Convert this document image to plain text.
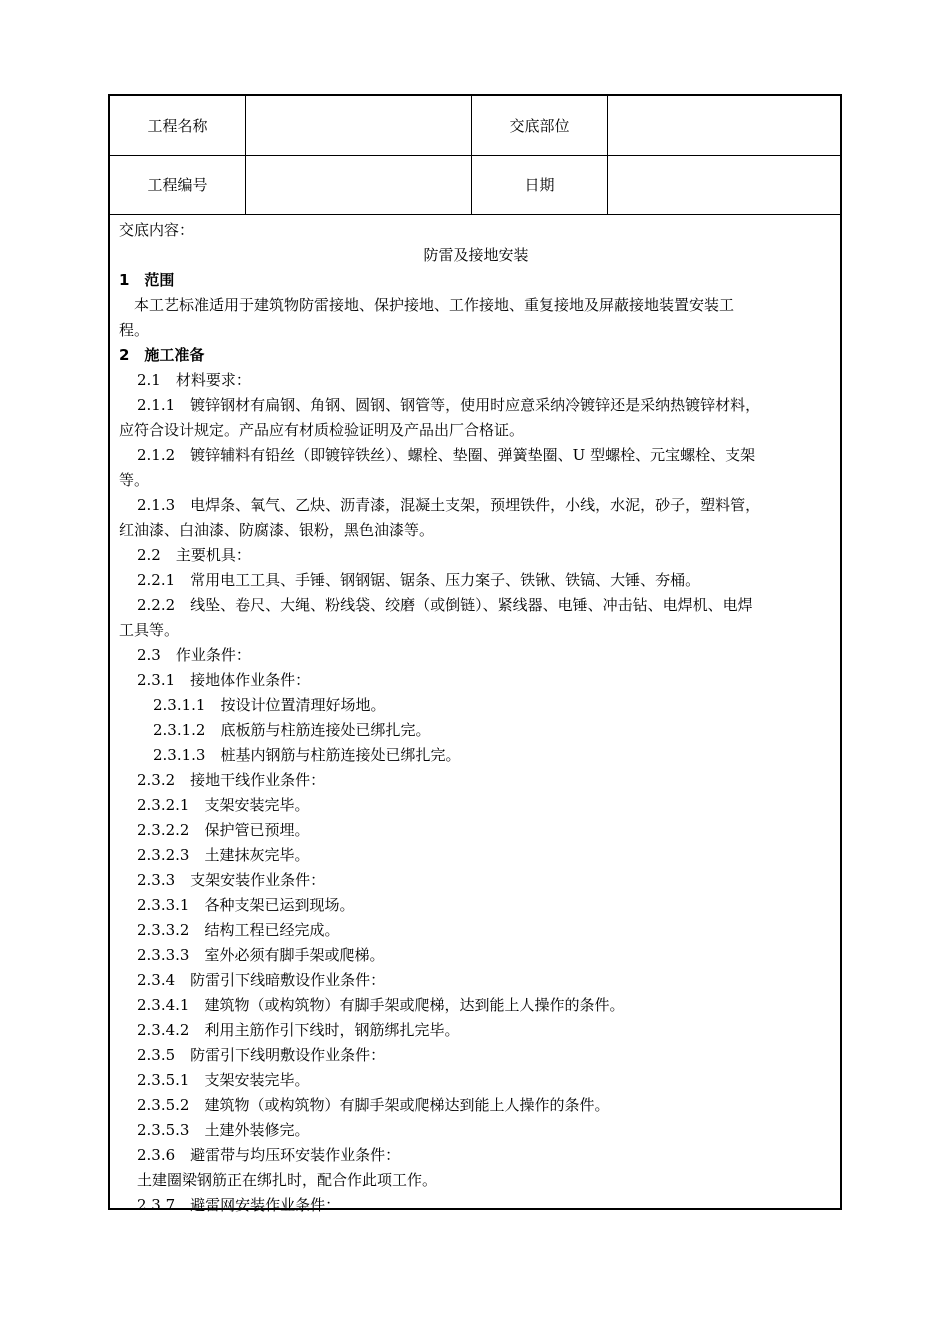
工程名称	交底部位
工程编号	日期
交底内容：
防雷及接地安装
1　范围
　本工艺标准适用于建筑物防雷接地、保护接地、工作接地、重复接地及屏蔽接地装置安装工
程。
2　施工准备
2.1　材料要求：
2.1.1　镀锌钢材有扁钢、角钢、圆钢、钢管等，使用时应意采纳冷镀锌还是采纳热镀锌材料，
应符合设计规定。产品应有材质检验证明及产品出厂合格证。
2.1.2　镀锌辅料有铅丝（即镀锌铁丝）、螺栓、垫圈、弹簧垫圈、U 型螺栓、元宝螺栓、支架
等。
2.1.3　电焊条、氧气、乙炔、沥青漆，混凝土支架，预埋铁件，小线，水泥，砂子，塑料管，
红油漆、白油漆、防腐漆、银粉，黑色油漆等。
2.2　主要机具：
2.2.1　常用电工工具、手锤、钢钢锯、锯条、压力案子、铁锹、铁镐、大锤、夯桶。
2.2.2　线坠、卷尺、大绳、粉线袋、绞磨（或倒链）、紧线器、电锤、冲击钻、电焊机、电焊
工具等。
2.3　作业条件：
2.3.1　接地体作业条件：
2.3.1.1　按设计位置清理好场地。
2.3.1.2　底板筋与柱筋连接处已绑扎完。
2.3.1.3　桩基内钢筋与柱筋连接处已绑扎完。
2.3.2　接地干线作业条件：
2.3.2.1　支架安装完毕。
2.3.2.2　保护管已预埋。
2.3.2.3　土建抹灰完毕。
2.3.3　支架安装作业条件：
2.3.3.1　各种支架已运到现场。
2.3.3.2　结构工程已经完成。
2.3.3.3　室外必须有脚手架或爬梯。
2.3.4　防雷引下线暗敷设作业条件：
2.3.4.1　建筑物（或构筑物）有脚手架或爬梯，达到能上人操作的条件。
2.3.4.2　利用主筋作引下线时，钢筋绑扎完毕。
2.3.5　防雷引下线明敷设作业条件：
2.3.5.1　支架安装完毕。
2.3.5.2　建筑物（或构筑物）有脚手架或爬梯达到能上人操作的条件。
2.3.5.3　土建外装修完。
2.3.6　避雷带与均压环安装作业条件：
土建圈梁钢筋正在绑扎时，配合作此项工作。
2.3.7　避雷网安装作业条件：
